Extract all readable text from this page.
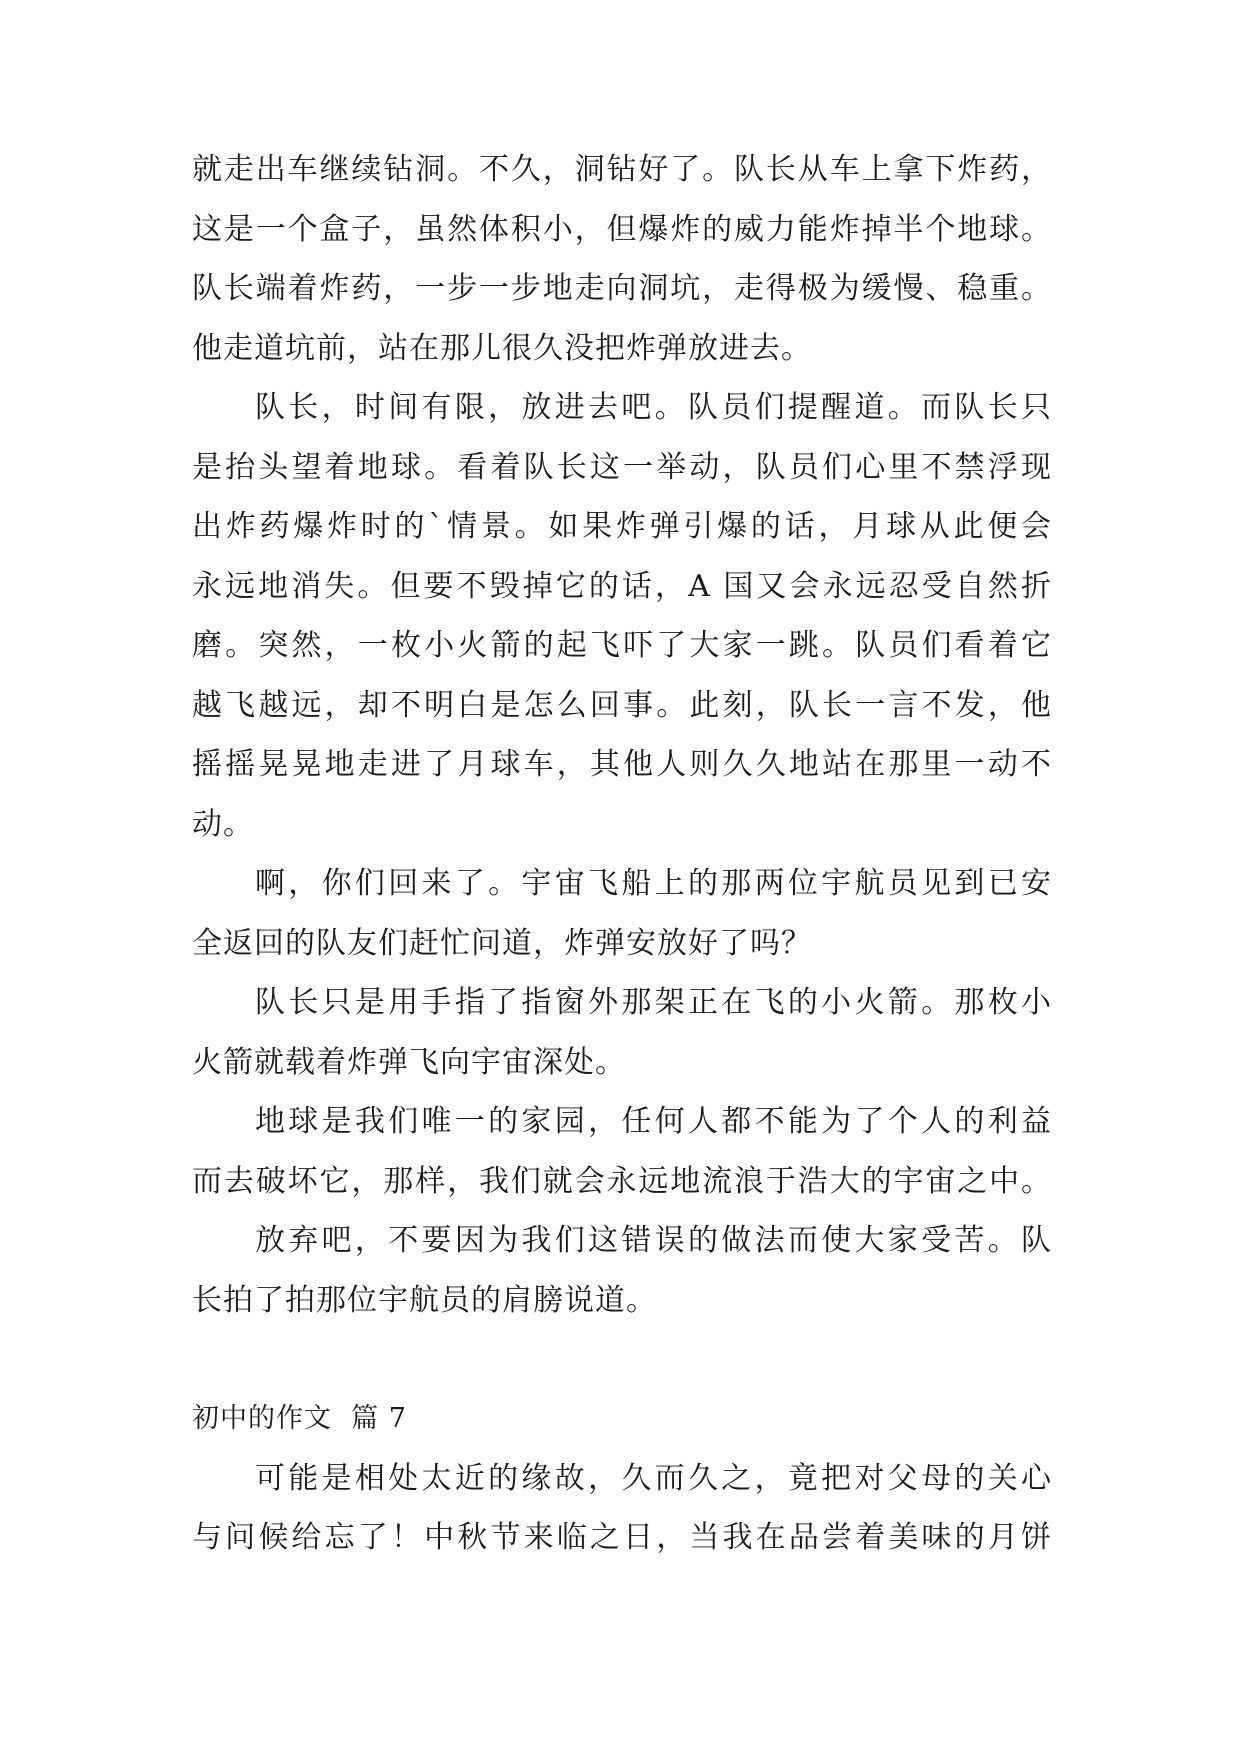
就走出车继续钻洞。不久，洞钻好了。队长从车上拿下炸药，
这是一个盒子，虽然体积小，但爆炸的威力能炸掉半个地球。
队长端着炸药，一步一步地走向洞坑，走得极为缓慢、稳重。
他走道坑前，站在那儿很久没把炸弹放进去。
队长，时间有限，放进去吧。队员们提醒道。而队长只
是抬头望着地球。看着队长这一举动，队员们心里不禁浮现
出炸药爆炸时的`情景。如果炸弹引爆的话，月球从此便会
永远地消失。但要不毁掉它的话，A 国又会永远忍受自然折
磨。突然，一枚小火箭的起飞吓了大家一跳。队员们看着它
越飞越远，却不明白是怎么回事。此刻，队长一言不发，他
摇摇晃晃地走进了月球车，其他人则久久地站在那里一动不
动。
啊，你们回来了。宇宙飞船上的那两位宇航员见到已安
全返回的队友们赶忙问道，炸弹安放好了吗？
队长只是用手指了指窗外那架正在飞的小火箭。那枚小
火箭就载着炸弹飞向宇宙深处。
地球是我们唯一的家园，任何人都不能为了个人的利益
而去破坏它，那样，我们就会永远地流浪于浩大的宇宙之中。
放弃吧，不要因为我们这错误的做法而使大家受苦。队
长拍了拍那位宇航员的肩膀说道。
初中的作文  篇 7
可能是相处太近的缘故，久而久之，竟把对父母的关心
与问候给忘了！中秋节来临之日，当我在品尝着美味的月饼
